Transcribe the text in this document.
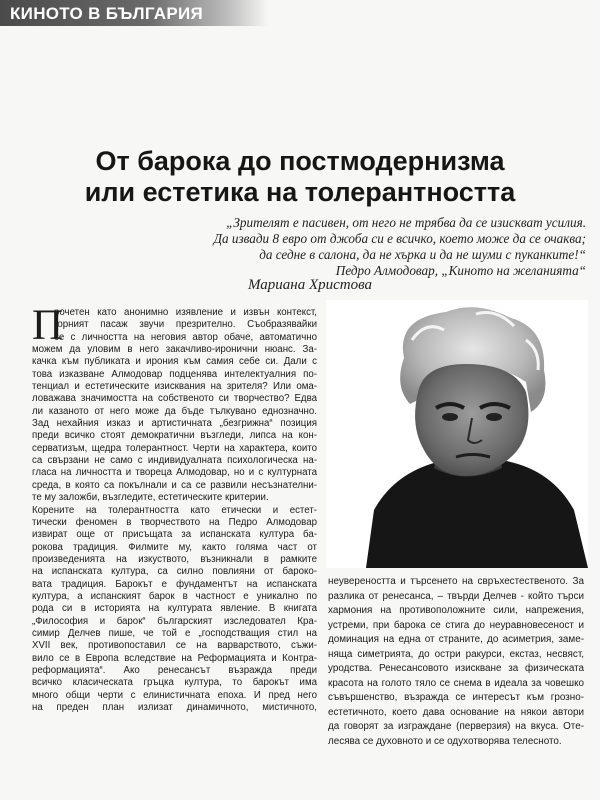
КИНОТО В БЪЛГАРИЯ
От барока до постмодернизма
или естетика на толерантността
„Зрителят е пасивен, от него не трябва да се изискват усилия.
Да извади 8 евро от джоба си е всичко, което може да се очаква;
да седне в салона, да не хърка и да не шуми с пуканките!“
Педро Алмодовар, „Киното на желанията“
Мариана Христова
П
рочетен като анонимно изявление и извън контекст,
горният пасаж звучи презрително. Съобразявайки
се с личността на неговия автор обаче, автоматично
можем да уловим в него закачливо-иронични нюанс. За-
качка към публиката и ирония към самия себе си. Дали с
това изказване Алмодовар подценява интелектуалния по-
тенциал и естетическите изисквания на зрителя? Или ома-
ловажава значимостта на собственото си творчество? Едва
ли казаното от него може да бъде тълкувано еднозначно.
Зад нехайния изказ и артистичната „безгрижна“ позиция
преди всичко стоят демократични възгледи, липса на кон-
серватизъм, щедра толерантност. Черти на характера, които
са свързани не само с индивидуалната психологическа на-
гласа на личността и твореца Алмодовар, но и с културната
среда, в която са покълнали и са се развили несъзнателни-
те му заложби, възгледите, естетическите критерии.
Корените на толерантността като етически и естет-
тически феномен в творчеството на Педро Алмодовар
извират още от присъщата за испанската култура ба-
рокова традиция. Филмите му, както голяма част от
произведенията на изкуството, възникнали в рамките
на испанската култура, са силно повлияни от бароко-
вата традиция. Барокът е фундаментът на испанската
култура, а испанският барок в частност е уникално по
рода си в историята на културата явление. В книгата
„Философия и барок“ българският изследовател Кра-
симир Делчев пише, че той е „господстващия стил на
XVII век, противопоставил се на варварството, съжи-
вило се в Европа вследствие на Реформацията и Контра-
реформацията“. Ако ренесансът възражда преди
всичко класическата гръцка култура, то барокът има
много общи черти с елинистичната епоха. И пред него
на преден план излизат динамичното, мистичното,
неувереността и търсенето на свръхестественото. За
разлика от ренесанса, – твърди Делчев - който търси
хармония на противоположните сили, напрежения,
устреми, при барока се стига до неуравновесеност и
доминация на една от страните, до асиметрия, заме-
няща симетрията, до остри ракурси, екстаз, несвяст,
уродства. Ренесансовото изискване за физическата
красота на голото тяло се снема в идеала за човешко
съвършенство, възражда се интересът към грозно-
естетичното, което дава основание на някои автори
да говорят за изграждане (перверзия) на вкуса. Оте-
лесява се духовното и се одухотворява телесното.
